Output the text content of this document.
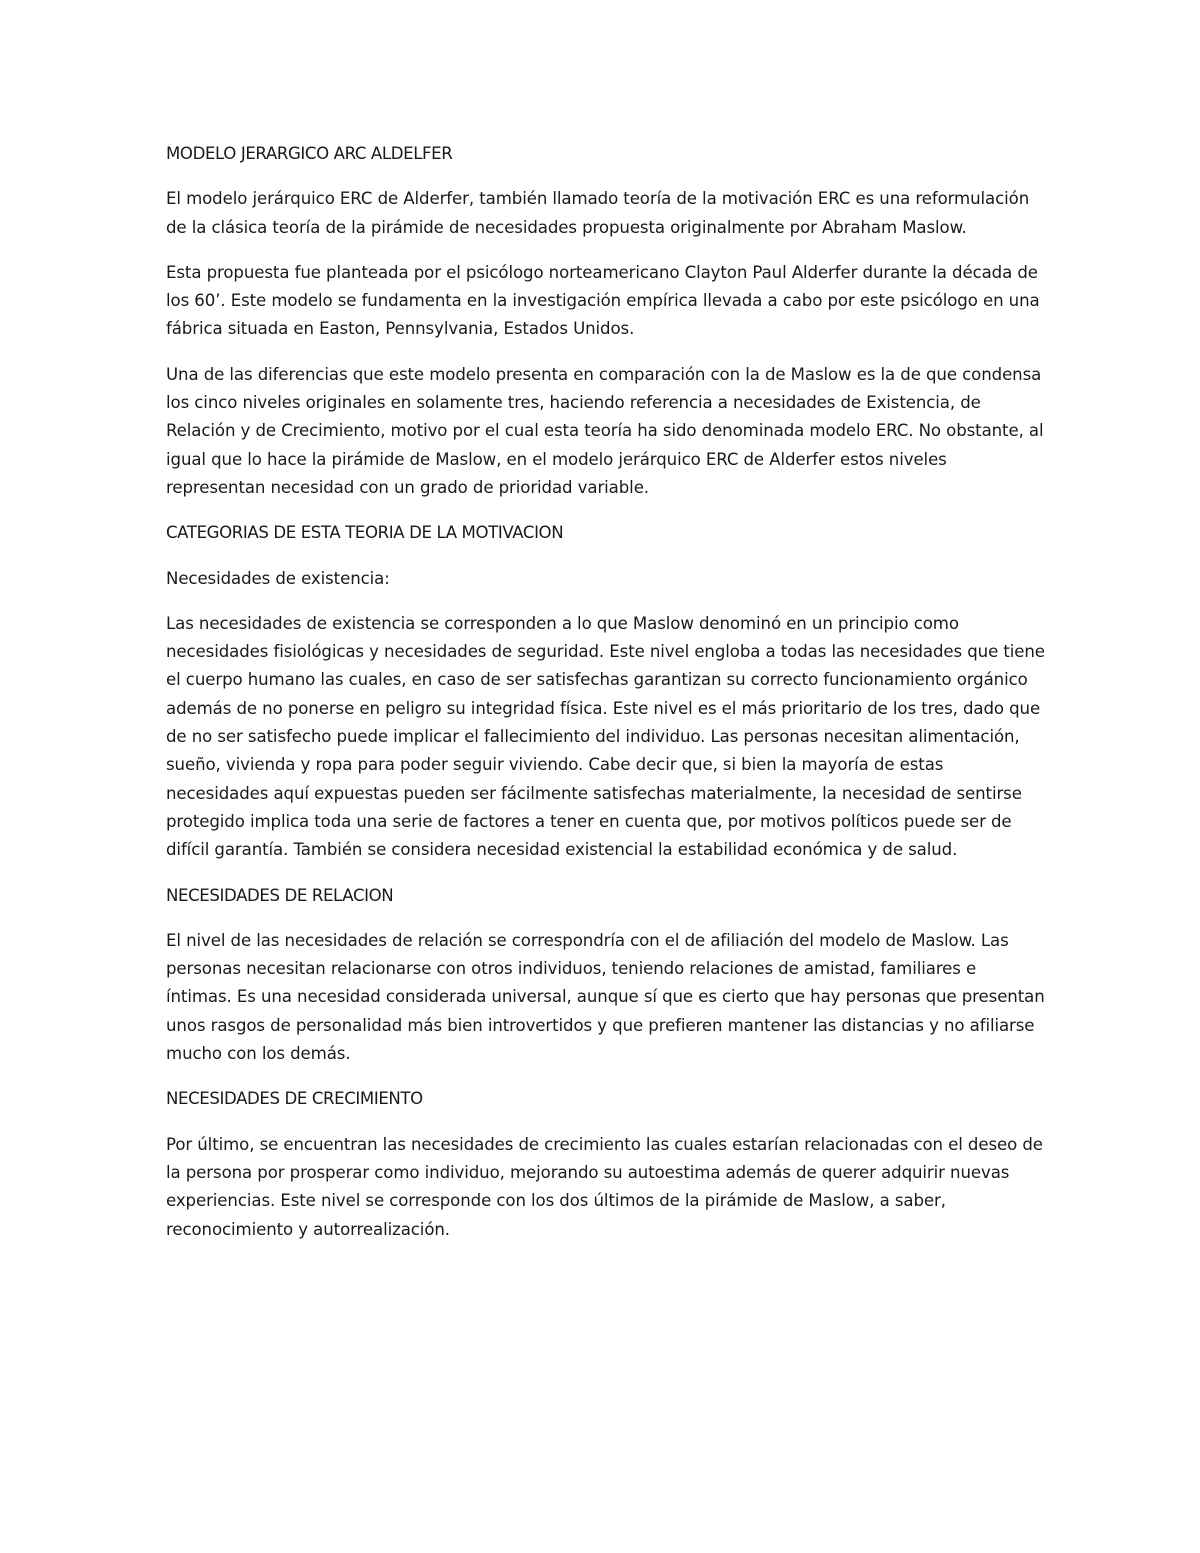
MODELO JERARGICO ARC ALDELFER

El modelo jerárquico ERC de Alderfer, también llamado teoría de la motivación ERC es una reformulación de la clásica teoría de la pirámide de necesidades propuesta originalmente por Abraham Maslow.

Esta propuesta fue planteada por el psicólogo norteamericano Clayton Paul Alderfer durante la década de los 60’. Este modelo se fundamenta en la investigación empírica llevada a cabo por este psicólogo en una fábrica situada en Easton, Pennsylvania, Estados Unidos.

Una de las diferencias que este modelo presenta en comparación con la de Maslow es la de que condensa los cinco niveles originales en solamente tres, haciendo referencia a necesidades de Existencia, de Relación y de Crecimiento, motivo por el cual esta teoría ha sido denominada modelo ERC. No obstante, al igual que lo hace la pirámide de Maslow, en el modelo jerárquico ERC de Alderfer estos niveles representan necesidad con un grado de prioridad variable.

CATEGORIAS DE ESTA TEORIA DE LA MOTIVACION

Necesidades de existencia:

Las necesidades de existencia se corresponden a lo que Maslow denominó en un principio como necesidades fisiológicas y necesidades de seguridad. Este nivel engloba a todas las necesidades que tiene el cuerpo humano las cuales, en caso de ser satisfechas garantizan su correcto funcionamiento orgánico además de no ponerse en peligro su integridad física. Este nivel es el más prioritario de los tres, dado que de no ser satisfecho puede implicar el fallecimiento del individuo. Las personas necesitan alimentación, sueño, vivienda y ropa para poder seguir viviendo. Cabe decir que, si bien la mayoría de estas necesidades aquí expuestas pueden ser fácilmente satisfechas materialmente, la necesidad de sentirse protegido implica toda una serie de factores a tener en cuenta que, por motivos políticos puede ser de difícil garantía. También se considera necesidad existencial la estabilidad económica y de salud.

NECESIDADES DE RELACION

El nivel de las necesidades de relación se correspondría con el de afiliación del modelo de Maslow. Las personas necesitan relacionarse con otros individuos, teniendo relaciones de amistad, familiares e íntimas. Es una necesidad considerada universal, aunque sí que es cierto que hay personas que presentan unos rasgos de personalidad más bien introvertidos y que prefieren mantener las distancias y no afiliarse mucho con los demás.

NECESIDADES DE CRECIMIENTO

Por último, se encuentran las necesidades de crecimiento las cuales estarían relacionadas con el deseo de la persona por prosperar como individuo, mejorando su autoestima además de querer adquirir nuevas experiencias. Este nivel se corresponde con los dos últimos de la pirámide de Maslow, a saber, reconocimiento y autorrealización.
